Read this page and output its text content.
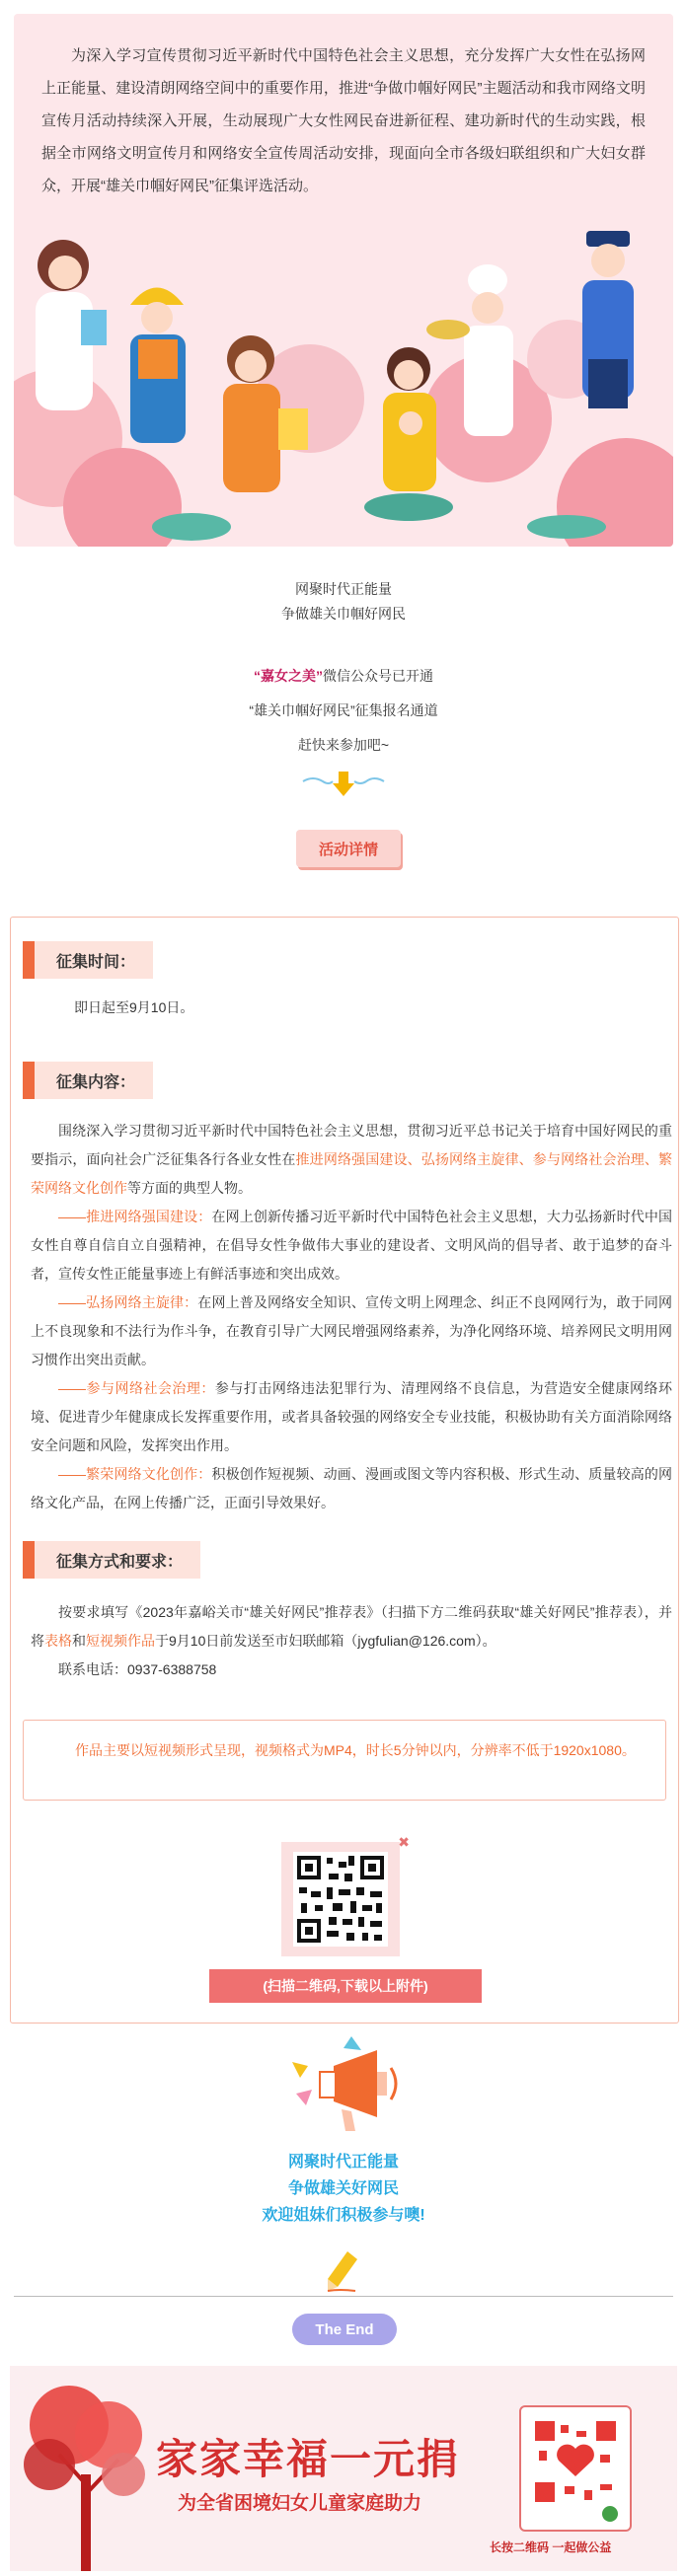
为深入学习宣传贯彻习近平新时代中国特色社会主义思想，充分发挥广大女性在弘扬网上正能量、建设清朗网络空间中的重要作用，推进“争做巾帼好网民”主题活动和我市网络文明宣传月活动持续深入开展，生动展现广大女性网民奋进新征程、建功新时代的生动实践，根据全市网络文明宣传月和网络安全宣传周活动安排，现面向全市各级妇联组织和广大妇女群众，开展“雄关巾帼好网民”征集评选活动。
网聚时代正能量
争做雄关巾帼好网民
“嘉女之美”微信公众号已开通
“雄关巾帼好网民”征集报名通道
赶快来参加吧~
活动详情
征集时间：
即日起至9月10日。
征集内容：
围绕深入学习贯彻习近平新时代中国特色社会主义思想，贯彻习近平总书记关于培育中国好网民的重要指示，面向社会广泛征集各行各业女性在推进网络强国建设、弘扬网络主旋律、参与网络社会治理、繁荣网络文化创作等方面的典型人物。
——推进网络强国建设：在网上创新传播习近平新时代中国特色社会主义思想，大力弘扬新时代中国女性自尊自信自立自强精神，在倡导女性争做伟大事业的建设者、文明风尚的倡导者、敢于追梦的奋斗者，宣传女性正能量事迹上有鲜活事迹和突出成效。
——弘扬网络主旋律：在网上普及网络安全知识、宣传文明上网理念、纠正不良网网行为，敢于同网上不良现象和不法行为作斗争，在教育引导广大网民增强网络素养，为净化网络环境、培养网民文明用网习惯作出突出贡献。
——参与网络社会治理：参与打击网络违法犯罪行为、清理网络不良信息，为营造安全健康网络环境、促进青少年健康成长发挥重要作用，或者具备较强的网络安全专业技能，积极协助有关方面消除网络安全问题和风险，发挥突出作用。
——繁荣网络文化创作：积极创作短视频、动画、漫画或图文等内容积极、形式生动、质量较高的网络文化产品，在网上传播广泛，正面引导效果好。
征集方式和要求：
按要求填写《2023年嘉峪关市“雄关好网民”推荐表》（扫描下方二维码获取“雄关好网民”推荐表），并将表格和短视频作品于9月10日前发送至市妇联邮箱（jygfulian@126.com）。
联系电话：0937-6388758

作品主要以短视频形式呈现，视频格式为MP4，时长5分钟以内，分辨率不低于1920x1080。

✖
(扫描二维码,下载以上附件)
网聚时代正能量
争做雄关好网民
欢迎姐妹们积极参与噢!
The End
家家幸福一元捐
为全省困境妇女儿童家庭助力
长按二维码 一起做公益
